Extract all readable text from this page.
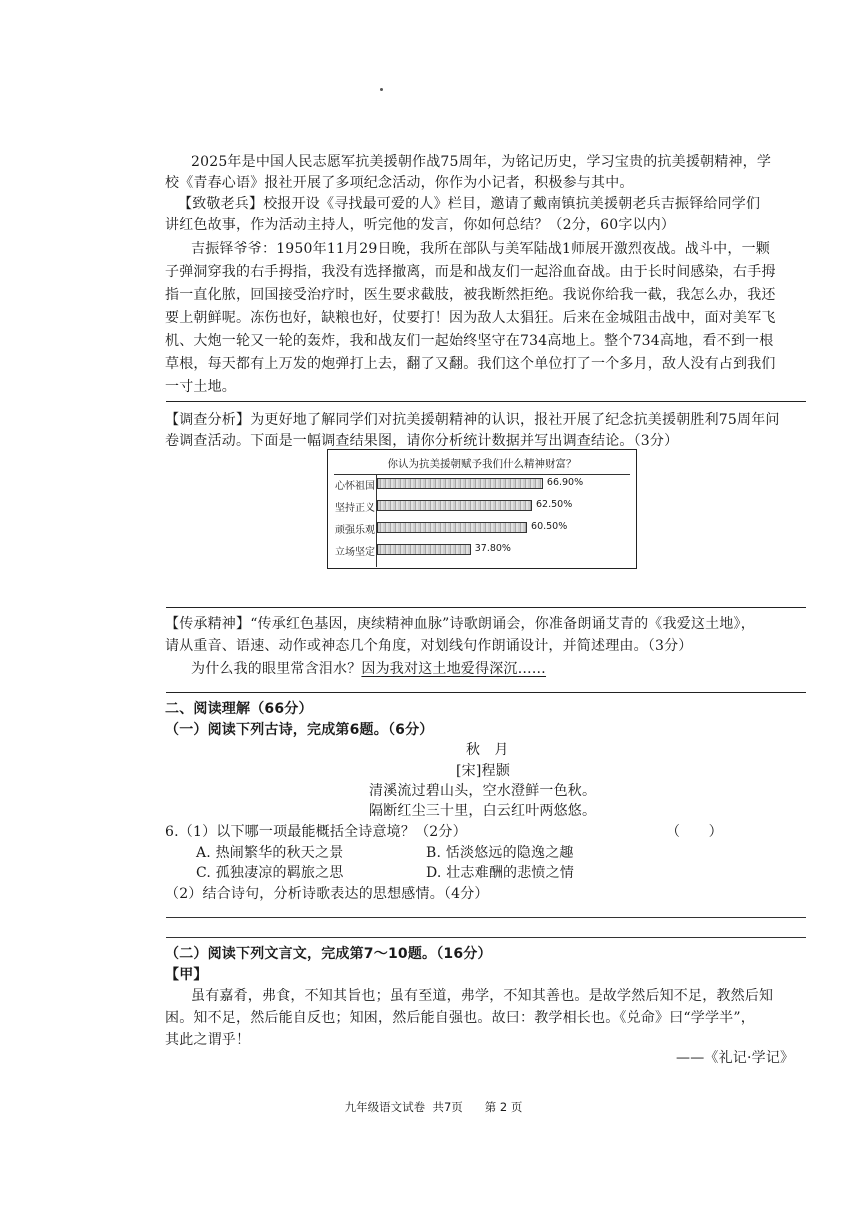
2025年是中国人民志愿军抗美援朝作战75周年，为铭记历史，学习宝贵的抗美援朝精神，学
校《青春心语》报社开展了多项纪念活动，你作为小记者，积极参与其中。
【致敬老兵】校报开设《寻找最可爱的人》栏目，邀请了戴南镇抗美援朝老兵吉振铎给同学们
讲红色故事，作为活动主持人，听完他的发言，你如何总结？（2分，60字以内）
吉振铎爷爷：1950年11月29日晚，我所在部队与美军陆战1师展开激烈夜战。战斗中，一颗
子弹洞穿我的右手拇指，我没有选择撤离，而是和战友们一起浴血奋战。由于长时间感染，右手拇
指一直化脓，回国接受治疗时，医生要求截肢，被我断然拒绝。我说你给我一截，我怎么办，我还
要上朝鲜呢。冻伤也好，缺粮也好，仗要打！因为敌人太猖狂。后来在金城阻击战中，面对美军飞
机、大炮一轮又一轮的轰炸，我和战友们一起始终坚守在734高地上。整个734高地，看不到一根
草根，每天都有上万发的炮弹打上去，翻了又翻。我们这个单位打了一个多月，敌人没有占到我们
一寸土地。
【调查分析】为更好地了解同学们对抗美援朝精神的认识，报社开展了纪念抗美援朝胜利75周年问
卷调查活动。下面是一幅调查结果图，请你分析统计数据并写出调查结论。（3分）
你认为抗美援朝赋予我们什么精神财富？
心怀祖国	66.90%
坚持正义	62.50%
顽强乐观	60.50%
立场坚定	37.80%
【传承精神】“传承红色基因，庚续精神血脉”诗歌朗诵会，你准备朗诵艾青的《我爱这土地》，
请从重音、语速、动作或神态几个角度，对划线句作朗诵设计，并简述理由。（3分）
为什么我的眼里常含泪水？因为我对这土地爱得深沉……
二、阅读理解（66分）
（一）阅读下列古诗，完成第6题。（6分）
秋　月
[宋]程颢
清溪流过碧山头，空水澄鲜一色秋。
隔断红尘三十里，白云红叶两悠悠。
6.（1）以下哪一项最能概括全诗意境？（2分）	（　　）
A. 热闹繁华的秋天之景	B. 恬淡悠远的隐逸之趣
C. 孤独凄凉的羁旅之思	D. 壮志难酬的悲愤之情
（2）结合诗句，分析诗歌表达的思想感情。（4分）
（二）阅读下列文言文，完成第7～10题。（16分）
【甲】
虽有嘉肴，弗食，不知其旨也；虽有至道，弗学，不知其善也。是故学然后知不足，教然后知
困。知不足，然后能自反也；知困，然后能自强也。故曰：教学相长也。《兑命》曰“学学半”，
其此之谓乎！
——《礼记·学记》
九年级语文试卷 共7页 第 2 页
